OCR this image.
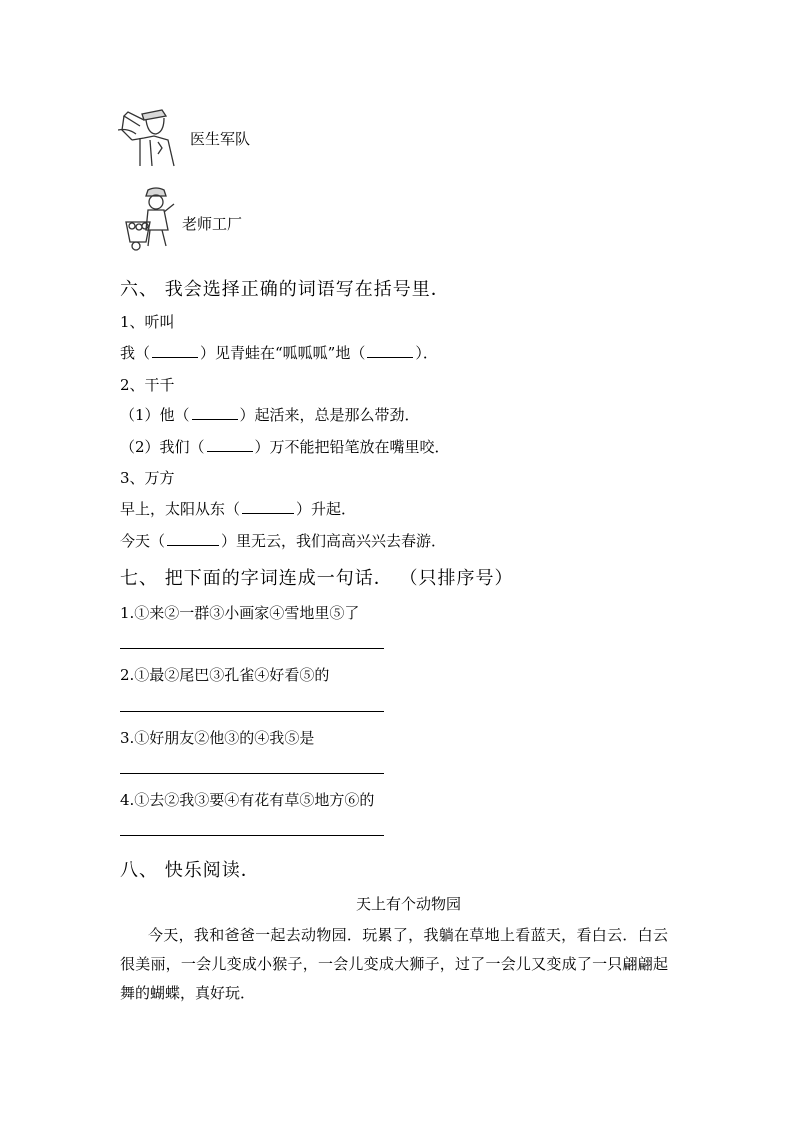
医生军队
老师工厂
六、 我会选择正确的词语写在括号里．
1、听叫
我（	）见青蛙在“呱呱呱”地（	）．
2、干千
（1）他（	）起活来，总是那么带劲．
（2）我们（	）万不能把铅笔放在嘴里咬．
3、万方
早上，太阳从东（	）升起．
今天（	）里无云，我们高高兴兴去春游．
七、 把下面的字词连成一句话． （只排序号）
1.①来②一群③小画家④雪地里⑤了
2.①最②尾巴③孔雀④好看⑤的
3.①好朋友②他③的④我⑤是
4.①去②我③要④有花有草⑤地方⑥的
八、 快乐阅读．
天上有个动物园
今天，我和爸爸一起去动物园．玩累了，我躺在草地上看蓝天，看白云．白云很美丽，一会儿变成小猴子，一会儿变成大狮子，过了一会儿又变成了一只翩翩起舞的蝴蝶，真好玩．
